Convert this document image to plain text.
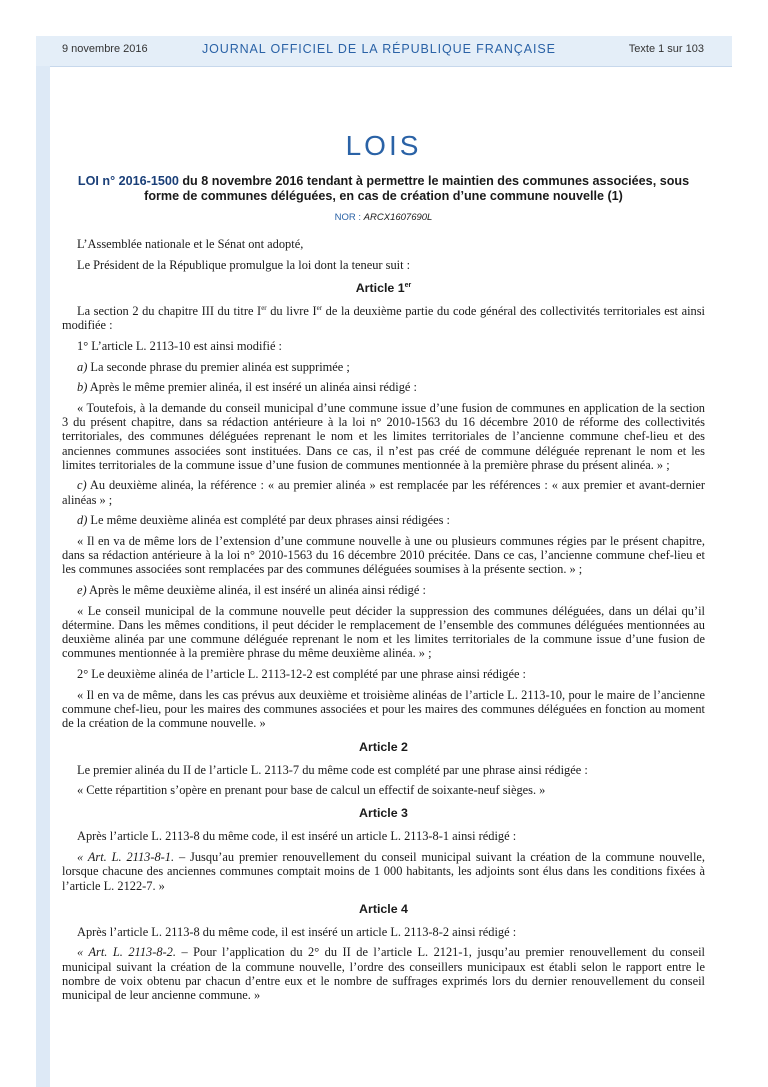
9 novembre 2016	JOURNAL OFFICIEL DE LA RÉPUBLIQUE FRANÇAISE	Texte 1 sur 103
LOIS
LOI n° 2016-1500 du 8 novembre 2016 tendant à permettre le maintien des communes associées, sous forme de communes déléguées, en cas de création d’une commune nouvelle (1)
NOR : ARCX1607690L

L’Assemblée nationale et le Sénat ont adopté,

Le Président de la République promulgue la loi dont la teneur suit :

Article 1er

La section 2 du chapitre III du titre Ier du livre Ier de la deuxième partie du code général des collectivités territoriales est ainsi modifiée :

1° L’article L. 2113-10 est ainsi modifié :

a) La seconde phrase du premier alinéa est supprimée ;

b) Après le même premier alinéa, il est inséré un alinéa ainsi rédigé :

« Toutefois, à la demande du conseil municipal d’une commune issue d’une fusion de communes en application de la section 3 du présent chapitre, dans sa rédaction antérieure à la loi n° 2010-1563 du 16 décembre 2010 de réforme des collectivités territoriales, des communes déléguées reprenant le nom et les limites territoriales de l’ancienne commune chef-lieu et des anciennes communes associées sont instituées. Dans ce cas, il n’est pas créé de commune déléguée reprenant le nom et les limites territoriales de la commune issue d’une fusion de communes mentionnée à la première phrase du présent alinéa. » ;

c) Au deuxième alinéa, la référence : « au premier alinéa » est remplacée par les références : « aux premier et avant-dernier alinéas » ;

d) Le même deuxième alinéa est complété par deux phrases ainsi rédigées :

« Il en va de même lors de l’extension d’une commune nouvelle à une ou plusieurs communes régies par le présent chapitre, dans sa rédaction antérieure à la loi n° 2010-1563 du 16 décembre 2010 précitée. Dans ce cas, l’ancienne commune chef-lieu et les communes associées sont remplacées par des communes déléguées soumises à la présente section. » ;

e) Après le même deuxième alinéa, il est inséré un alinéa ainsi rédigé :

« Le conseil municipal de la commune nouvelle peut décider la suppression des communes déléguées, dans un délai qu’il détermine. Dans les mêmes conditions, il peut décider le remplacement de l’ensemble des communes déléguées mentionnées au deuxième alinéa par une commune déléguée reprenant le nom et les limites territoriales de la commune issue d’une fusion de communes mentionnée à la première phrase du même deuxième alinéa. » ;

2° Le deuxième alinéa de l’article L. 2113-12-2 est complété par une phrase ainsi rédigée :

« Il en va de même, dans les cas prévus aux deuxième et troisième alinéas de l’article L. 2113-10, pour le maire de l’ancienne commune chef-lieu, pour les maires des communes associées et pour les maires des communes déléguées en fonction au moment de la création de la commune nouvelle. »

Article 2

Le premier alinéa du II de l’article L. 2113-7 du même code est complété par une phrase ainsi rédigée :

« Cette répartition s’opère en prenant pour base de calcul un effectif de soixante-neuf sièges. »

Article 3

Après l’article L. 2113-8 du même code, il est inséré un article L. 2113-8-1 ainsi rédigé :

« Art. L. 2113-8-1. – Jusqu’au premier renouvellement du conseil municipal suivant la création de la commune nouvelle, lorsque chacune des anciennes communes comptait moins de 1 000 habitants, les adjoints sont élus dans les conditions fixées à l’article L. 2122-7. »

Article 4

Après l’article L. 2113-8 du même code, il est inséré un article L. 2113-8-2 ainsi rédigé :

« Art. L. 2113-8-2. – Pour l’application du 2° du II de l’article L. 2121-1, jusqu’au premier renouvellement du conseil municipal suivant la création de la commune nouvelle, l’ordre des conseillers municipaux est établi selon le rapport entre le nombre de voix obtenu par chacun d’entre eux et le nombre de suffrages exprimés lors du dernier renouvellement du conseil municipal de leur ancienne commune. »
